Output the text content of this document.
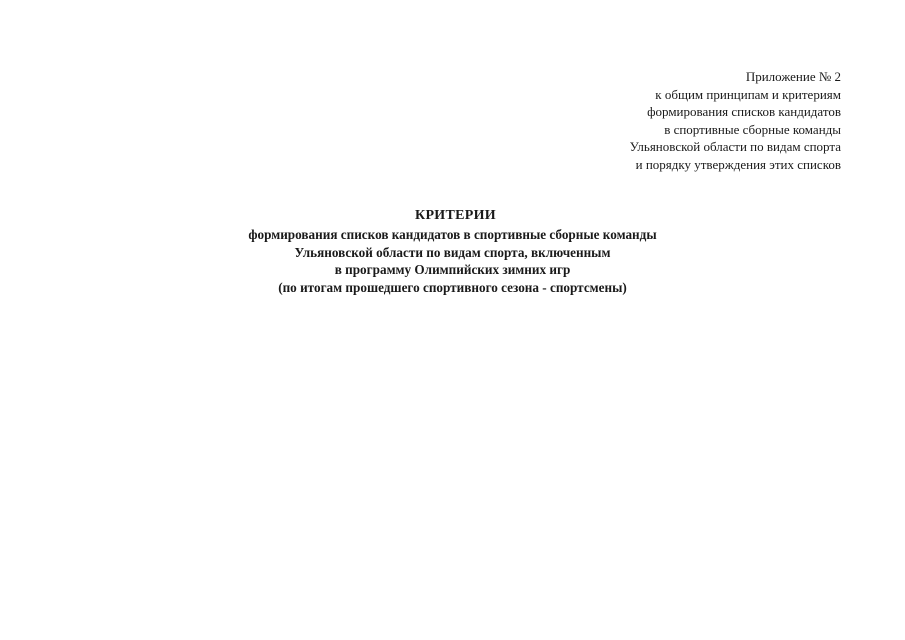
Приложение № 2
к общим принципам и критериям
формирования списков кандидатов
в спортивные сборные команды
Ульяновской области по видам спорта
и порядку утверждения этих списков
КРИТЕРИИ
формирования списков кандидатов в спортивные сборные команды
Ульяновской области по видам спорта, включенным
в программу Олимпийских зимних игр
(по итогам прошедшего спортивного сезона - спортсмены)
